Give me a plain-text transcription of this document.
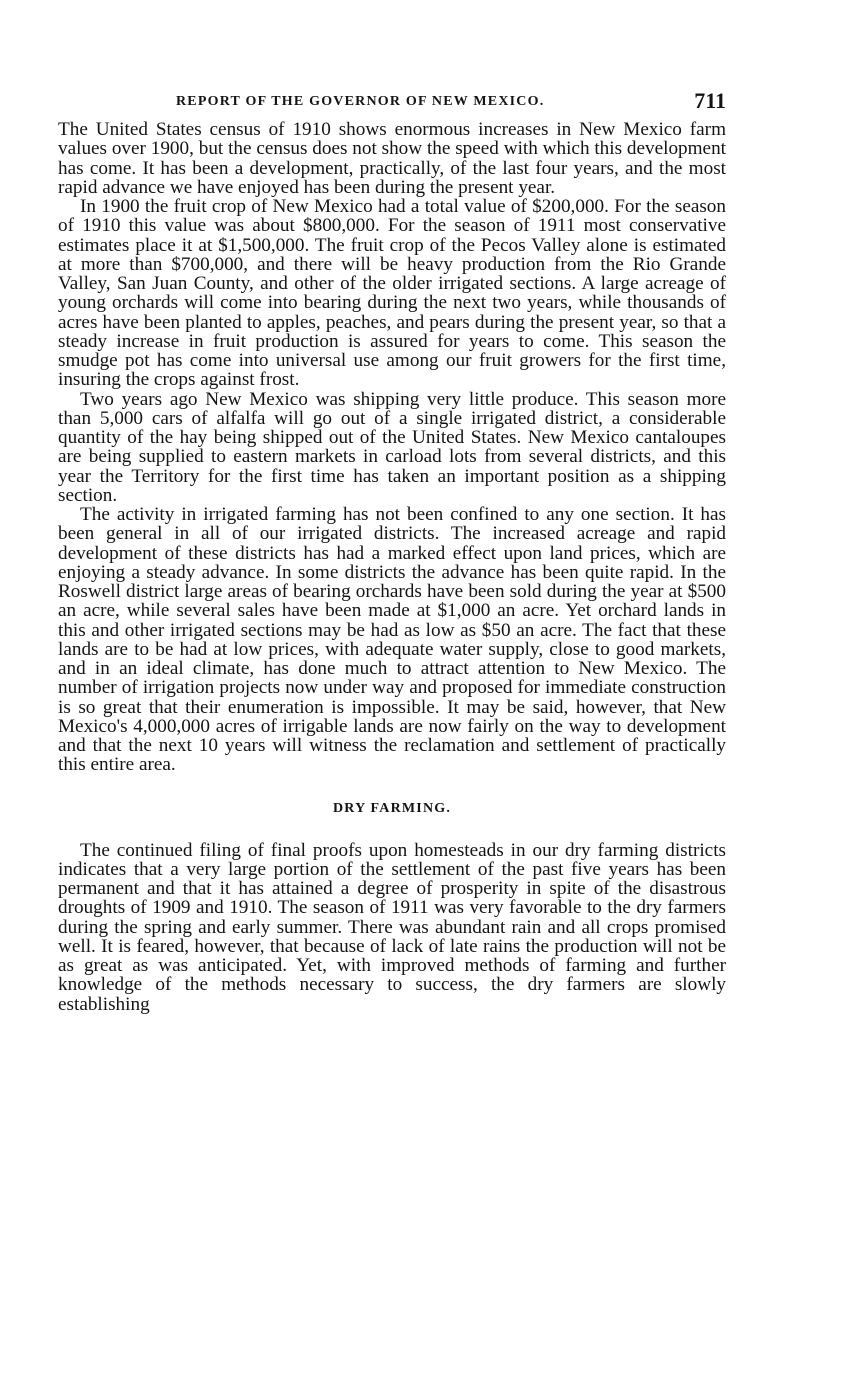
REPORT OF THE GOVERNOR OF NEW MEXICO.	711

The United States census of 1910 shows enormous increases in New Mexico farm values over 1900, but the census does not show the speed with which this development has come. It has been a development, practically, of the last four years, and the most rapid advance we have enjoyed has been during the present year.

In 1900 the fruit crop of New Mexico had a total value of $200,000. For the season of 1910 this value was about $800,000. For the season of 1911 most conservative estimates place it at $1,500,000. The fruit crop of the Pecos Valley alone is estimated at more than $700,000, and there will be heavy production from the Rio Grande Valley, San Juan County, and other of the older irrigated sections. A large acreage of young orchards will come into bearing during the next two years, while thousands of acres have been planted to apples, peaches, and pears during the present year, so that a steady increase in fruit production is assured for years to come. This season the smudge pot has come into universal use among our fruit growers for the first time, insuring the crops against frost.

Two years ago New Mexico was shipping very little produce. This season more than 5,000 cars of alfalfa will go out of a single irrigated district, a considerable quantity of the hay being shipped out of the United States. New Mexico cantaloupes are being supplied to eastern markets in carload lots from several districts, and this year the Territory for the first time has taken an important position as a shipping section.

The activity in irrigated farming has not been confined to any one section. It has been general in all of our irrigated districts. The increased acreage and rapid development of these districts has had a marked effect upon land prices, which are enjoying a steady advance. In some districts the advance has been quite rapid. In the Roswell district large areas of bearing orchards have been sold during the year at $500 an acre, while several sales have been made at $1,000 an acre. Yet orchard lands in this and other irrigated sections may be had as low as $50 an acre. The fact that these lands are to be had at low prices, with adequate water supply, close to good markets, and in an ideal climate, has done much to attract attention to New Mexico. The number of irrigation projects now under way and proposed for immediate construction is so great that their enumeration is impossible. It may be said, however, that New Mexico's 4,000,000 acres of irrigable lands are now fairly on the way to development and that the next 10 years will witness the reclamation and settlement of practically this entire area.

DRY FARMING.

The continued filing of final proofs upon homesteads in our dry farming districts indicates that a very large portion of the settlement of the past five years has been permanent and that it has attained a degree of prosperity in spite of the disastrous droughts of 1909 and 1910. The season of 1911 was very favorable to the dry farmers during the spring and early summer. There was abundant rain and all crops promised well. It is feared, however, that because of lack of late rains the production will not be as great as was anticipated. Yet, with improved methods of farming and further knowledge of the methods necessary to success, the dry farmers are slowly establishing
